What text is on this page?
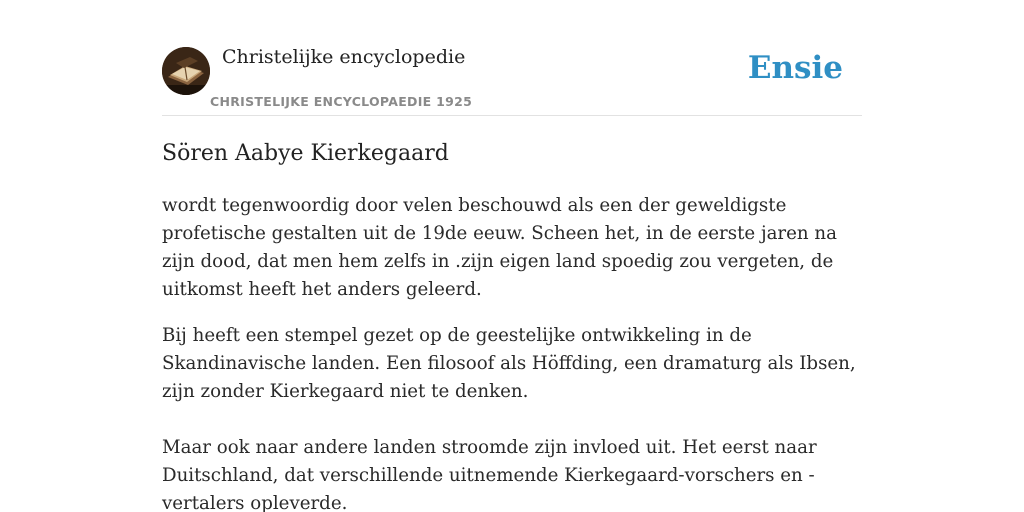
Christelijke encyclopedie
CHRISTELIJKE ENCYCLOPAEDIE 1925
Ensie
Sören Aabye Kierkegaard

wordt tegenwoordig door velen beschouwd als een der geweldigste profetische gestalten uit de 19de eeuw. Scheen het, in de eerste jaren na zijn dood, dat men hem zelfs in .zijn eigen land spoedig zou vergeten, de uitkomst heeft het anders geleerd.

Bij heeft een stempel gezet op de geestelijke ontwikkeling in de Skandinavische landen. Een filosoof als Höffding, een dramaturg als Ibsen, zijn zonder Kierkegaard niet te denken.

Maar ook naar andere landen stroomde zijn invloed uit. Het eerst naar Duitschland, dat verschillende uitnemende Kierkegaard-vorschers en -vertalers opleverde.
